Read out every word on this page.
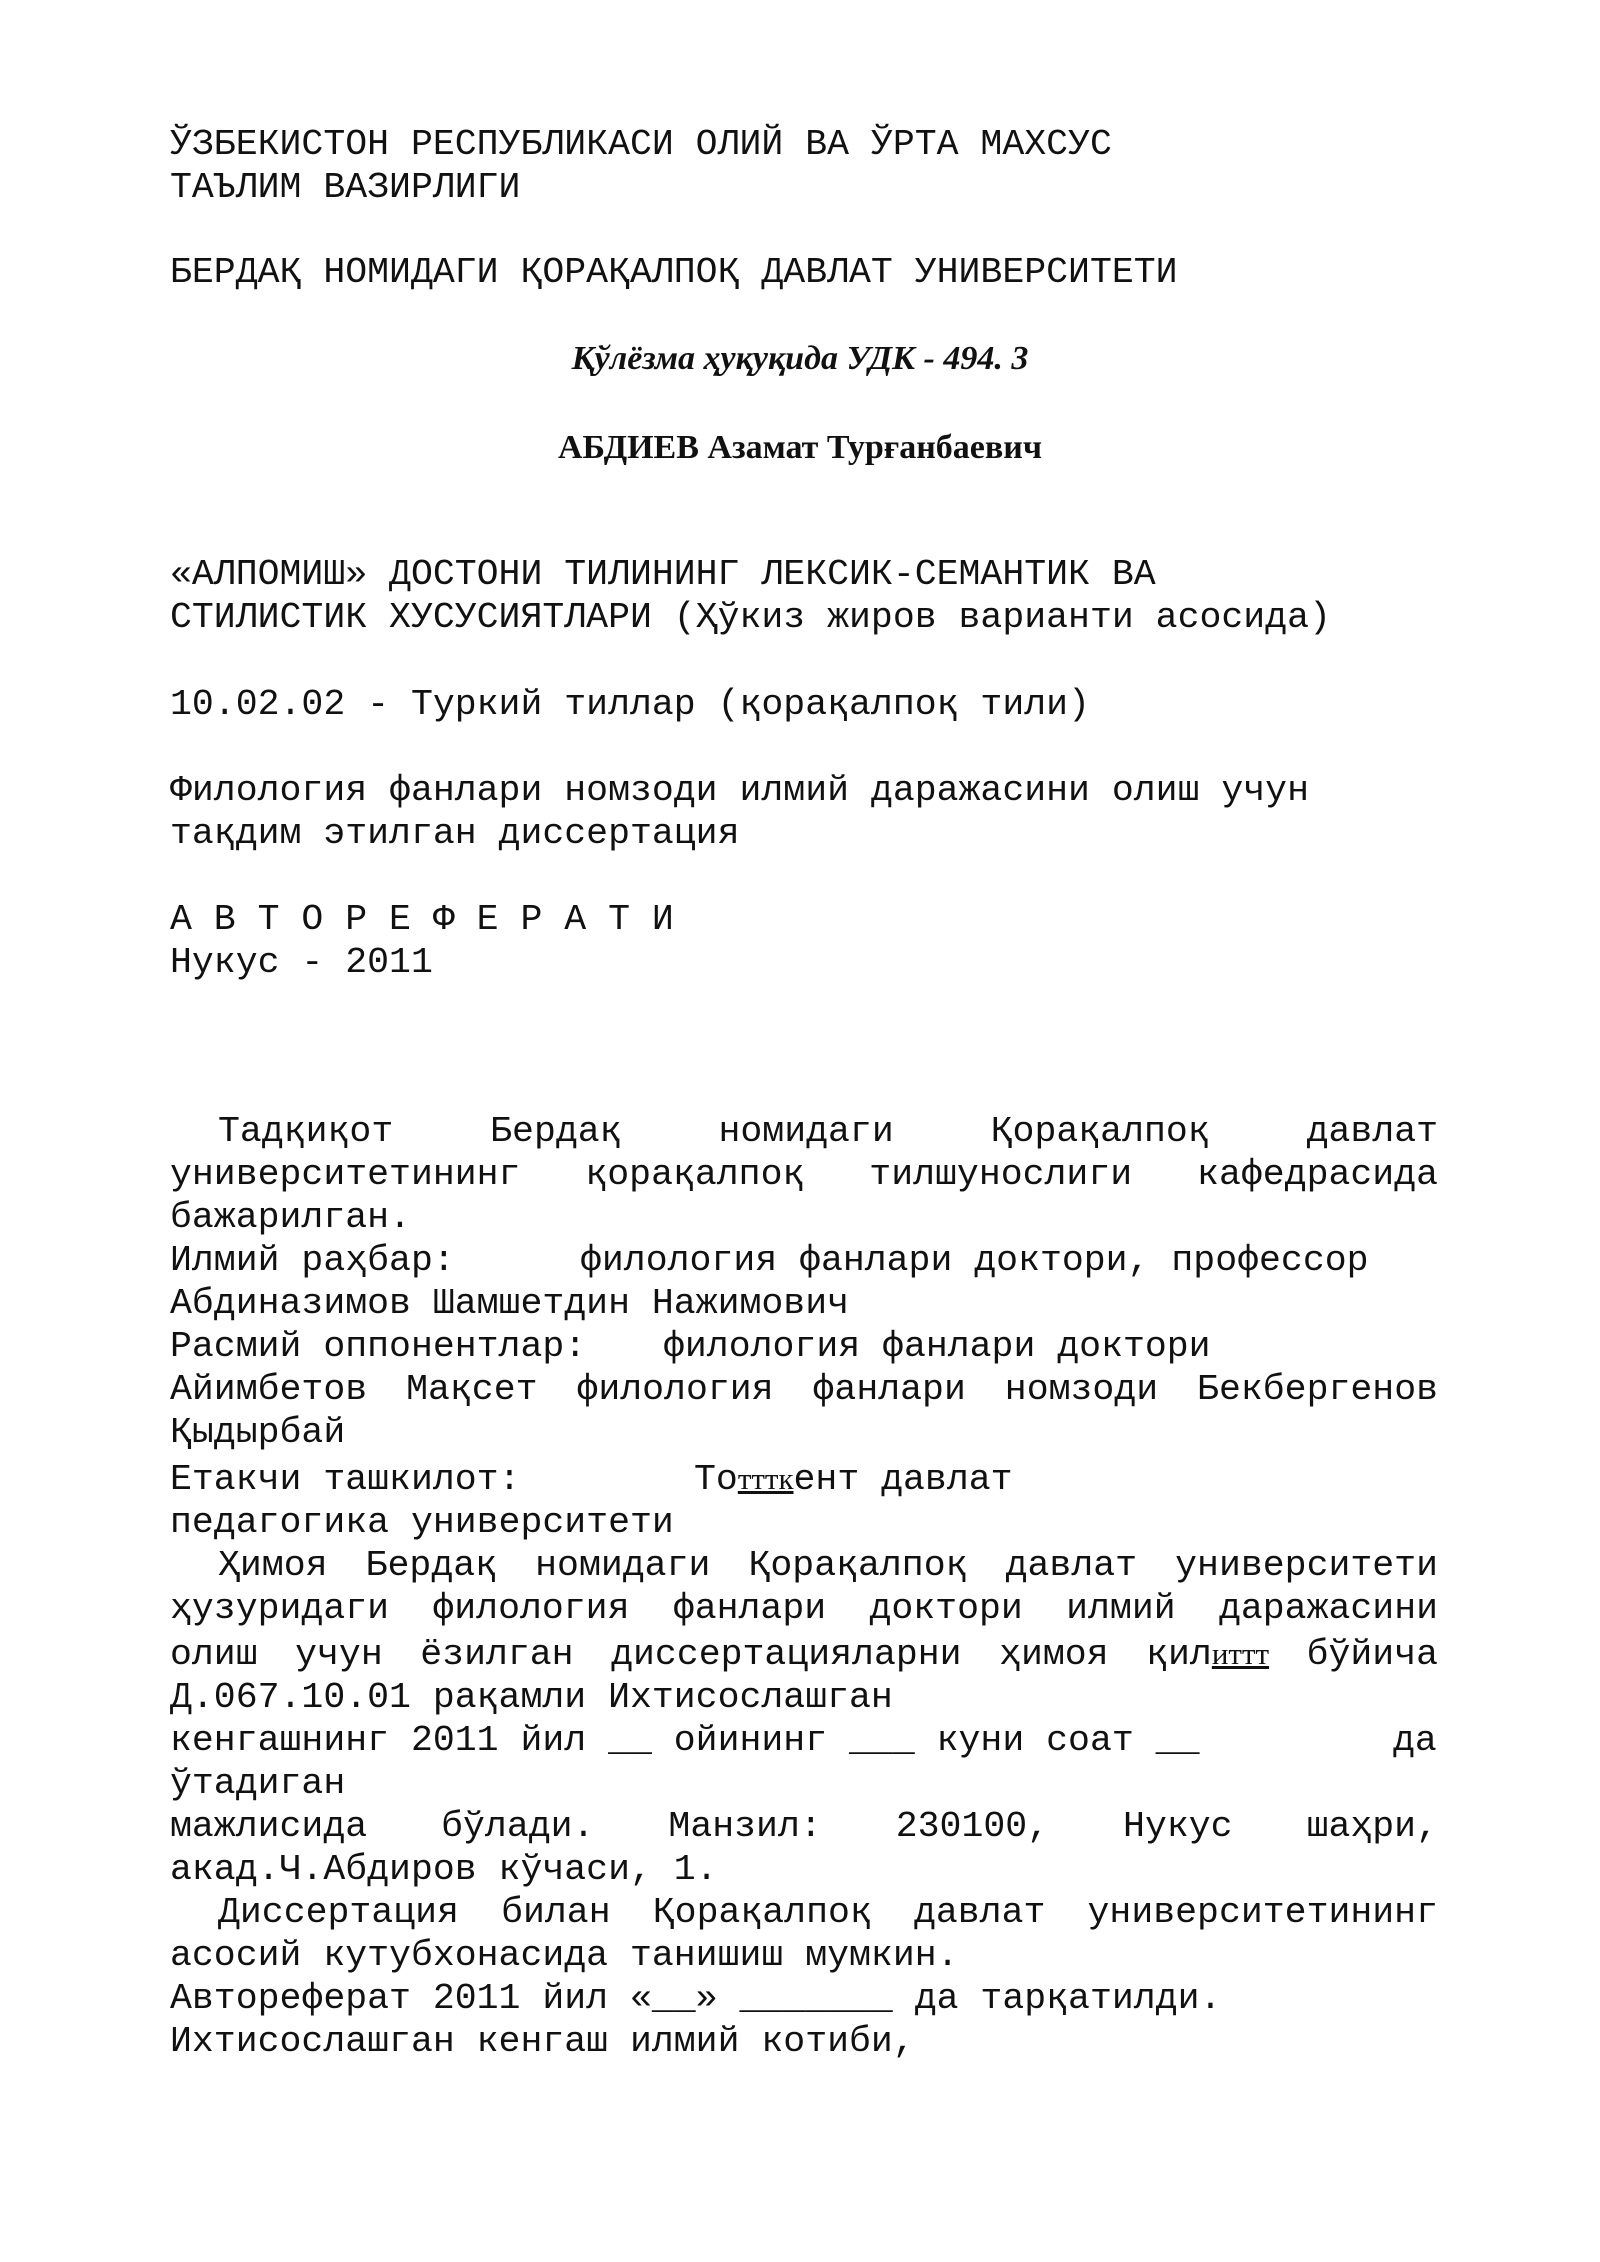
ЎЗБЕКИСТОН РЕСПУБЛИКАСИ ОЛИЙ ВА ЎРТА МАХСУС
ТАЪЛИМ ВАЗИРЛИГИ
БЕРДАҚ НОМИДАГИ ҚОРАҚАЛПОҚ ДАВЛАТ УНИВЕРСИТЕТИ
Қўлёзма ҳуқуқида УДК - 494. 3
АБДИЕВ Азамат Турғанбаевич
«АЛПОМИШ» ДОСТОНИ ТИЛИНИНГ ЛЕКСИК-СЕМАНТИК ВА
СТИЛИСТИК ХУСУСИЯТЛАРИ (Ҳўкиз жиров варианти асосида)
10.02.02 - Туркий тиллар (қорақалпоқ тили)
Филология фанлари номзоди илмий даражасини олиш учун
тақдим этилган диссертация
А В Т О Р Е Ф Е Р А Т И
Нукус - 2011
Тадқиқот	Бердақ	номидаги	Қорақалпоқ	давлат
университетининг қорақалпоқ тилшунослиги кафедрасида
бажарилган.
Илмий раҳбар:	филология фанлари доктори, профессор
Абдиназимов Шамшетдин Нажимович
Расмий оппонентлар: филология фанлари доктори
Айимбетов Мақсет филология фанлари номзоди Бекбергенов
Қыдырбай
Етакчи ташкилот:	Тоттткент давлат
педагогика университети
Ҳимоя Бердақ номидаги Қорақалпоқ давлат университети
ҳузуридаги филология фанлари доктори илмий даражасини
олиш учун ёзилган диссертацияларни ҳимоя қилиттт бўйича
Д.067.10.01 рақамли Ихтисослашган
кенгашнинг 2011 йил __ ойининг ___ куни соат __	да
ўтадиган
мажлисида бўлади. Манзил: 230100, Нукус шаҳри,
акад.Ч.Абдиров кўчаси, 1.
Диссертация билан Қорақалпоқ давлат университетининг
асосий кутубхонасида танишиш мумкин.
Автореферат 2011 йил «__» _______ да тарқатилди.
Ихтисослашган кенгаш илмий котиби,
